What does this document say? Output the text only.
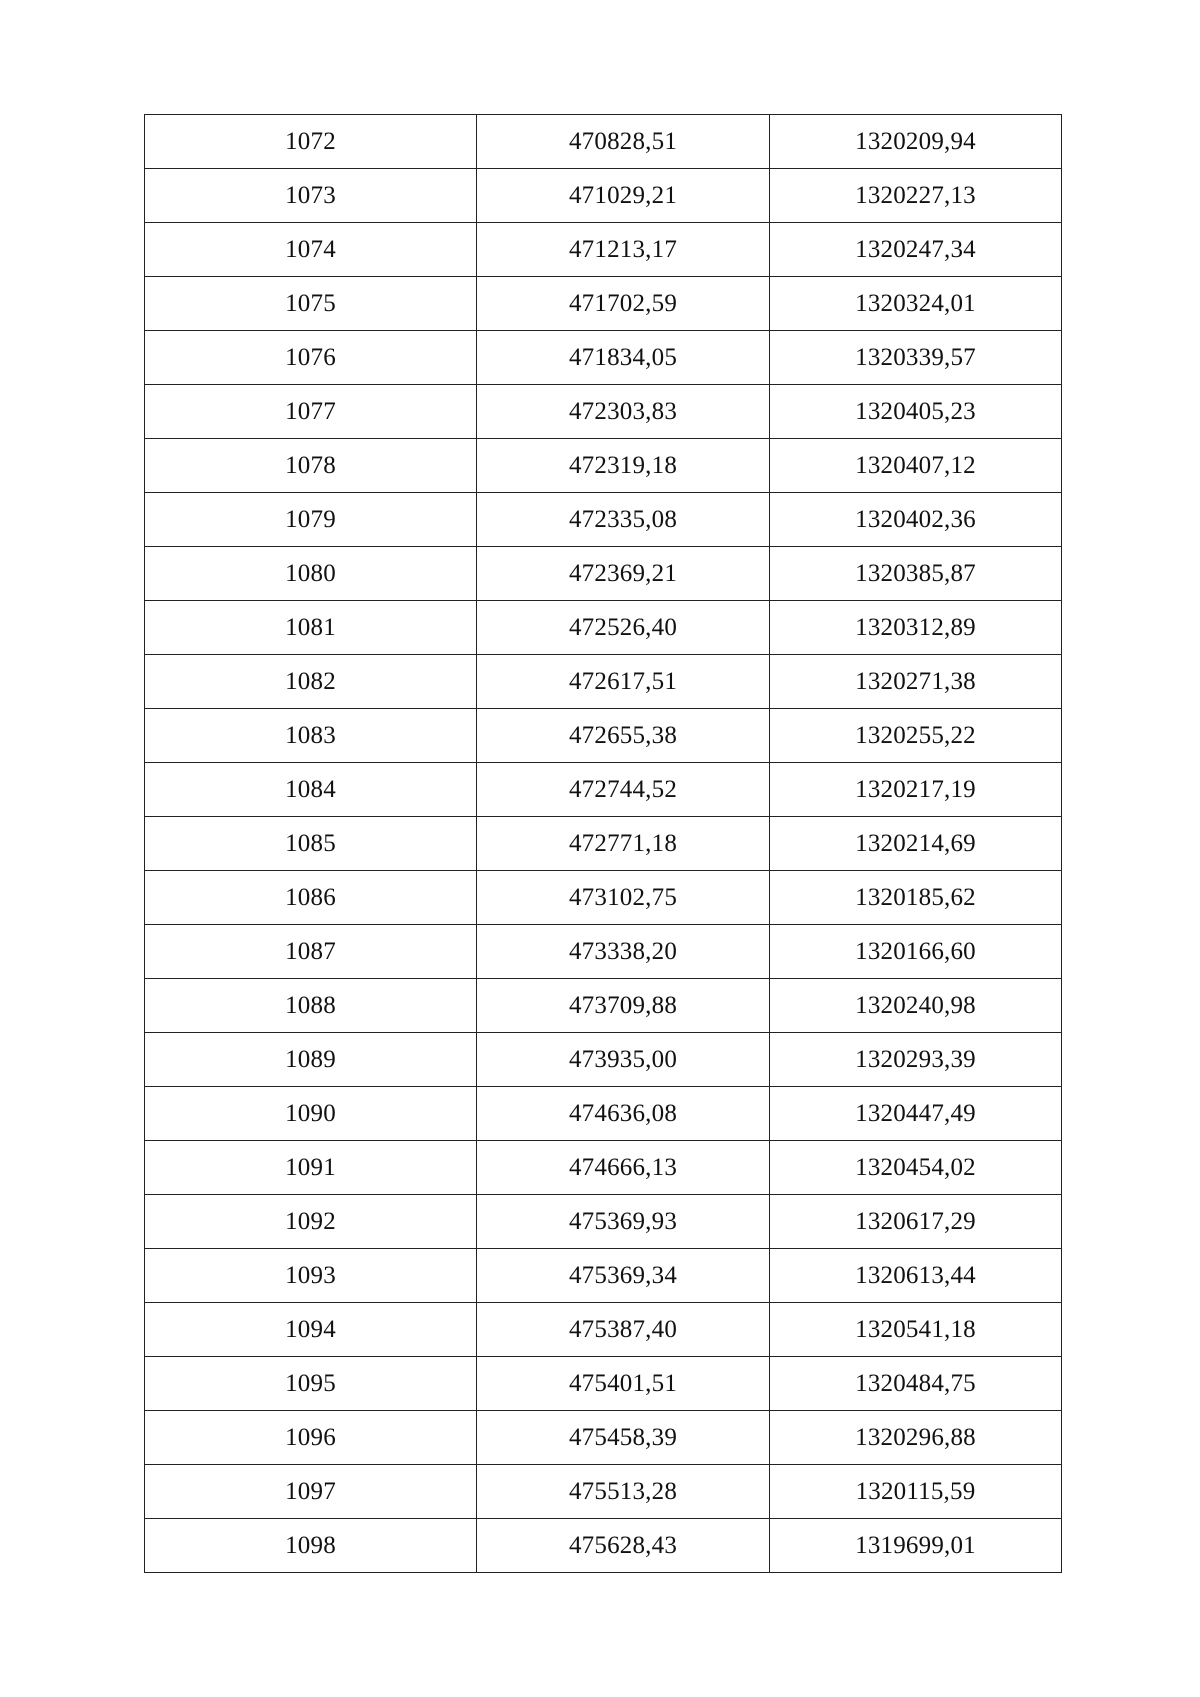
1072	470828,51	1320209,94
1073	471029,21	1320227,13
1074	471213,17	1320247,34
1075	471702,59	1320324,01
1076	471834,05	1320339,57
1077	472303,83	1320405,23
1078	472319,18	1320407,12
1079	472335,08	1320402,36
1080	472369,21	1320385,87
1081	472526,40	1320312,89
1082	472617,51	1320271,38
1083	472655,38	1320255,22
1084	472744,52	1320217,19
1085	472771,18	1320214,69
1086	473102,75	1320185,62
1087	473338,20	1320166,60
1088	473709,88	1320240,98
1089	473935,00	1320293,39
1090	474636,08	1320447,49
1091	474666,13	1320454,02
1092	475369,93	1320617,29
1093	475369,34	1320613,44
1094	475387,40	1320541,18
1095	475401,51	1320484,75
1096	475458,39	1320296,88
1097	475513,28	1320115,59
1098	475628,43	1319699,01
